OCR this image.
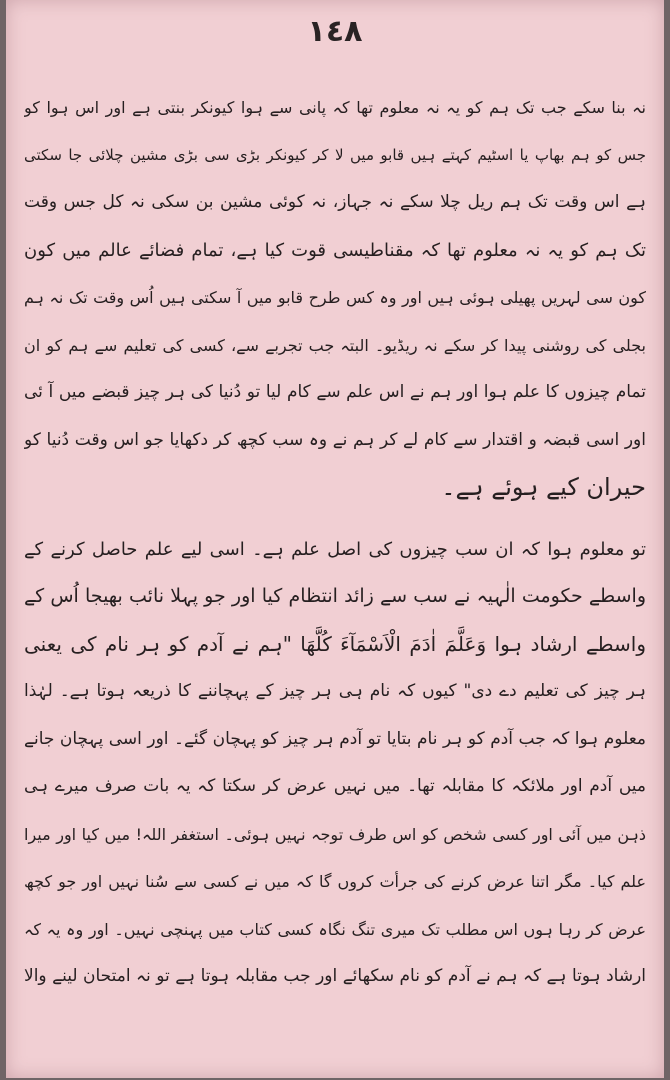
١٤٨
نہ بنا سکے جب تک ہم کو یہ نہ معلوم تھا کہ پانی سے ہوا کیونکر بنتی ہے اور اس ہوا کو
جس کو ہم بھاپ یا اسٹیم کہتے ہیں قابو میں لا کر کیونکر بڑی سی بڑی مشین چلائی جا سکتی
ہے اس وقت تک ہم ریل چلا سکے نہ جہاز، نہ کوئی مشین بن سکی نہ کل جس وقت
تک ہم کو یہ نہ معلوم تھا کہ مقناطیسی قوت کیا ہے، تمام فضائے عالم میں کون
کون سی لہریں پھیلی ہوئی ہیں اور وہ کس طرح قابو میں آ سکتی ہیں اُس وقت تک نہ ہم
بجلی کی روشنی پیدا کر سکے نہ ریڈیو۔ البتہ جب تجربے سے، کسی کی تعلیم سے ہم کو ان
تمام چیزوں کا علم ہوا اور ہم نے اس علم سے کام لیا تو دُنیا کی ہر چیز قبضے میں آ ئی
اور اسی قبضہ و اقتدار سے کام لے کر ہم نے وہ سب کچھ کر دکھایا جو اس وقت دُنیا کو
حیران کیے ہوئے ہے۔
تو معلوم ہوا کہ ان سب چیزوں کی اصل علم ہے۔ اسی لیے علم حاصل کرنے کے
واسطے حکومت الٰہیہ نے سب سے زائد انتظام کیا اور جو پہلا نائب بھیجا اُس کے
واسطے ارشاد ہوا وَعَلَّمَ اٰدَمَ الْاَسْمَآءَ کُلَّهَا "ہم نے آدم کو ہر نام کی یعنی
ہر چیز کی تعلیم دے دی" کیوں کہ نام ہی ہر چیز کے پہچاننے کا ذریعہ ہوتا ہے۔ لہٰذا
معلوم ہوا کہ جب آدم کو ہر نام بتایا تو آدم ہر چیز کو پہچان گئے۔ اور اسی پہچان جانے
میں آدم اور ملائکہ کا مقابلہ تھا۔ میں نہیں عرض کر سکتا کہ یہ بات صرف میرے ہی
ذہن میں آئی اور کسی شخص کو اس طرف توجہ نہیں ہوئی۔ استغفر اللہ! میں کیا اور میرا
علم کیا۔ مگر اتنا عرض کرنے کی جرأت کروں گا کہ میں نے کسی سے سُنا نہیں اور جو کچھ
عرض کر رہا ہوں اس مطلب تک میری تنگ نگاہ کسی کتاب میں پہنچی نہیں۔ اور وہ یہ کہ
ارشاد ہوتا ہے کہ ہم نے آدم کو نام سکھائے اور جب مقابلہ ہوتا ہے تو نہ امتحان لینے والا
